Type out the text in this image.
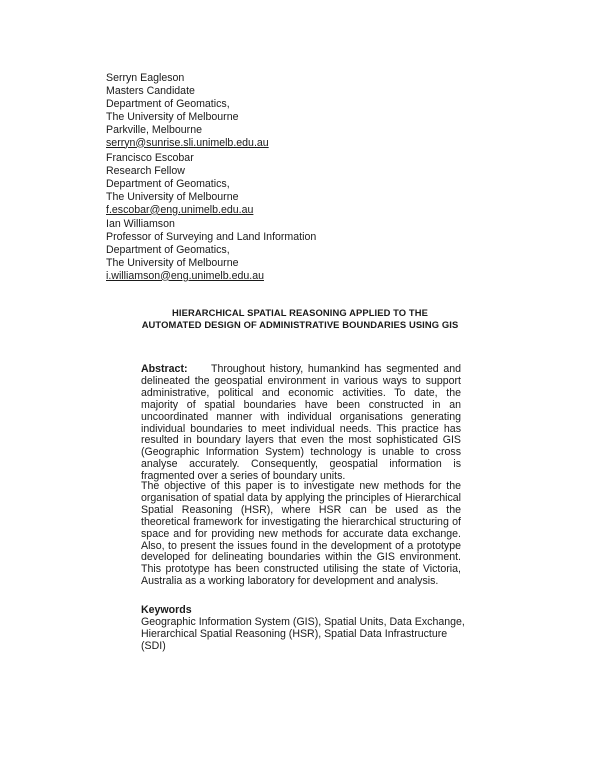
Serryn Eagleson
Masters Candidate
Department of Geomatics,
The University of Melbourne
Parkville, Melbourne
serryn@sunrise.sli.unimelb.edu.au
Francisco Escobar
Research Fellow
Department of Geomatics,
The University of Melbourne
f.escobar@eng.unimelb.edu.au
Ian Williamson
Professor of Surveying and Land Information
Department of Geomatics,
The University of Melbourne
i.williamson@eng.unimelb.edu.au
HIERARCHICAL SPATIAL REASONING APPLIED TO THE
AUTOMATED DESIGN OF ADMINISTRATIVE BOUNDARIES USING GIS
Abstract: Throughout history, humankind has segmented and delineated the geospatial environment in various ways to support administrative, political and economic activities. To date, the majority of spatial boundaries have been constructed in an uncoordinated manner with individual organisations generating individual boundaries to meet individual needs. This practice has resulted in boundary layers that even the most sophisticated GIS (Geographic Information System) technology is unable to cross analyse accurately. Consequently, geospatial information is fragmented over a series of boundary units.
The objective of this paper is to investigate new methods for the organisation of spatial data by applying the principles of Hierarchical Spatial Reasoning (HSR), where HSR can be used as the theoretical framework for investigating the hierarchical structuring of space and for providing new methods for accurate data exchange. Also, to present the issues found in the development of a prototype developed for delineating boundaries within the GIS environment. This prototype has been constructed utilising the state of Victoria, Australia as a working laboratory for development and analysis.
Keywords
Geographic Information System (GIS), Spatial Units, Data Exchange,
Hierarchical Spatial Reasoning (HSR), Spatial Data Infrastructure
(SDI)
